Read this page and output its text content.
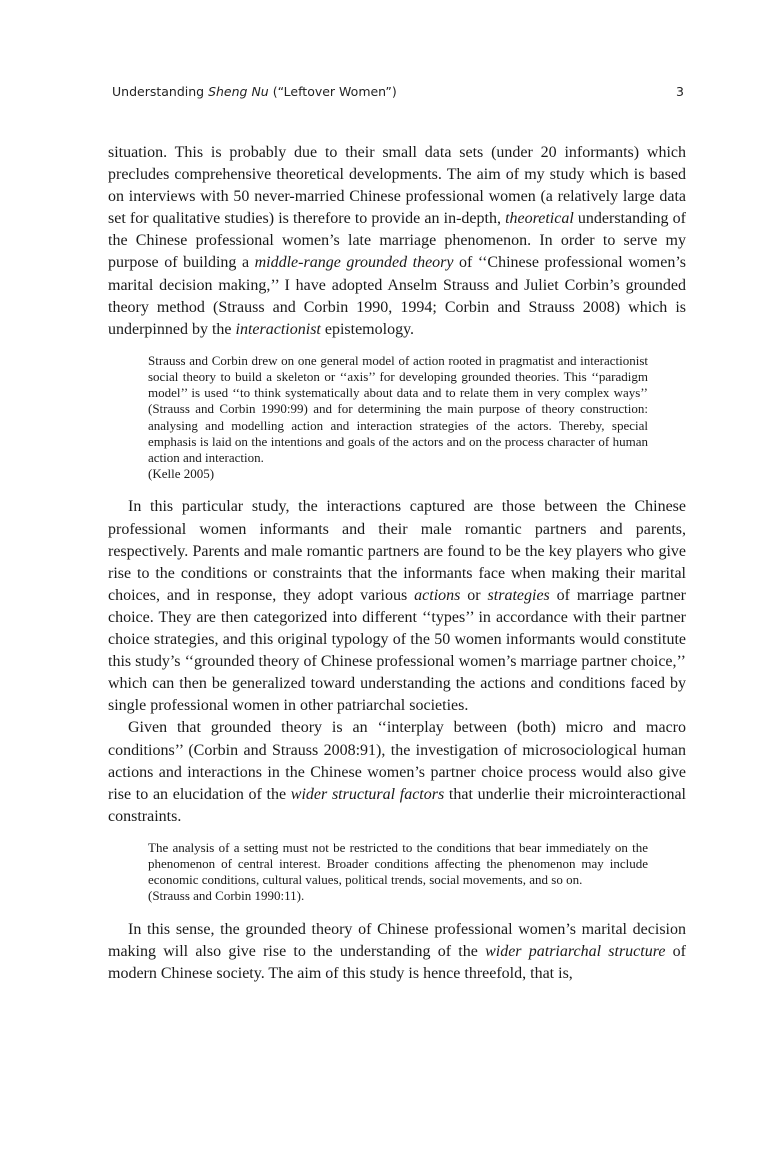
Understanding Sheng Nu (“Leftover Women”)	3

situation. This is probably due to their small data sets (under 20 informants) which precludes comprehensive theoretical developments. The aim of my study which is based on interviews with 50 never-married Chinese professional women (a relatively large data set for qualitative studies) is therefore to provide an in-depth, theoretical understanding of the Chinese professional women’s late marriage phenomenon. In order to serve my purpose of building a middle-range grounded theory of ‘‘Chinese professional women’s marital decision making,’’ I have adopted Anselm Strauss and Juliet Corbin’s grounded theory method (Strauss and Corbin 1990, 1994; Corbin and Strauss 2008) which is underpinned by the interactionist epistemology.

Strauss and Corbin drew on one general model of action rooted in pragmatist and interactionist social theory to build a skeleton or ‘‘axis’’ for developing grounded theories. This ‘‘paradigm model’’ is used ‘‘to think systematically about data and to relate them in very complex ways’’ (Strauss and Corbin 1990:99) and for determining the main purpose of theory construction: analysing and modelling action and interaction strategies of the actors. Thereby, special emphasis is laid on the intentions and goals of the actors and on the process character of human action and interaction.
(Kelle 2005)

In this particular study, the interactions captured are those between the Chinese professional women informants and their male romantic partners and parents, respectively. Parents and male romantic partners are found to be the key players who give rise to the conditions or constraints that the informants face when making their marital choices, and in response, they adopt various actions or strategies of marriage partner choice. They are then categorized into different ‘‘types’’ in accordance with their partner choice strategies, and this original typology of the 50 women informants would constitute this study’s ‘‘grounded theory of Chinese professional women’s marriage partner choice,’’ which can then be generalized toward understanding the actions and conditions faced by single professional women in other patriarchal societies.

Given that grounded theory is an ‘‘interplay between (both) micro and macro conditions’’ (Corbin and Strauss 2008:91), the investigation of microsociological human actions and interactions in the Chinese women’s partner choice process would also give rise to an elucidation of the wider structural factors that underlie their microinteractional constraints.

The analysis of a setting must not be restricted to the conditions that bear immediately on the phenomenon of central interest. Broader conditions affecting the phenomenon may include economic conditions, cultural values, political trends, social movements, and so on.
(Strauss and Corbin 1990:11).

In this sense, the grounded theory of Chinese professional women’s marital decision making will also give rise to the understanding of the wider patriarchal structure of modern Chinese society. The aim of this study is hence threefold, that is,
